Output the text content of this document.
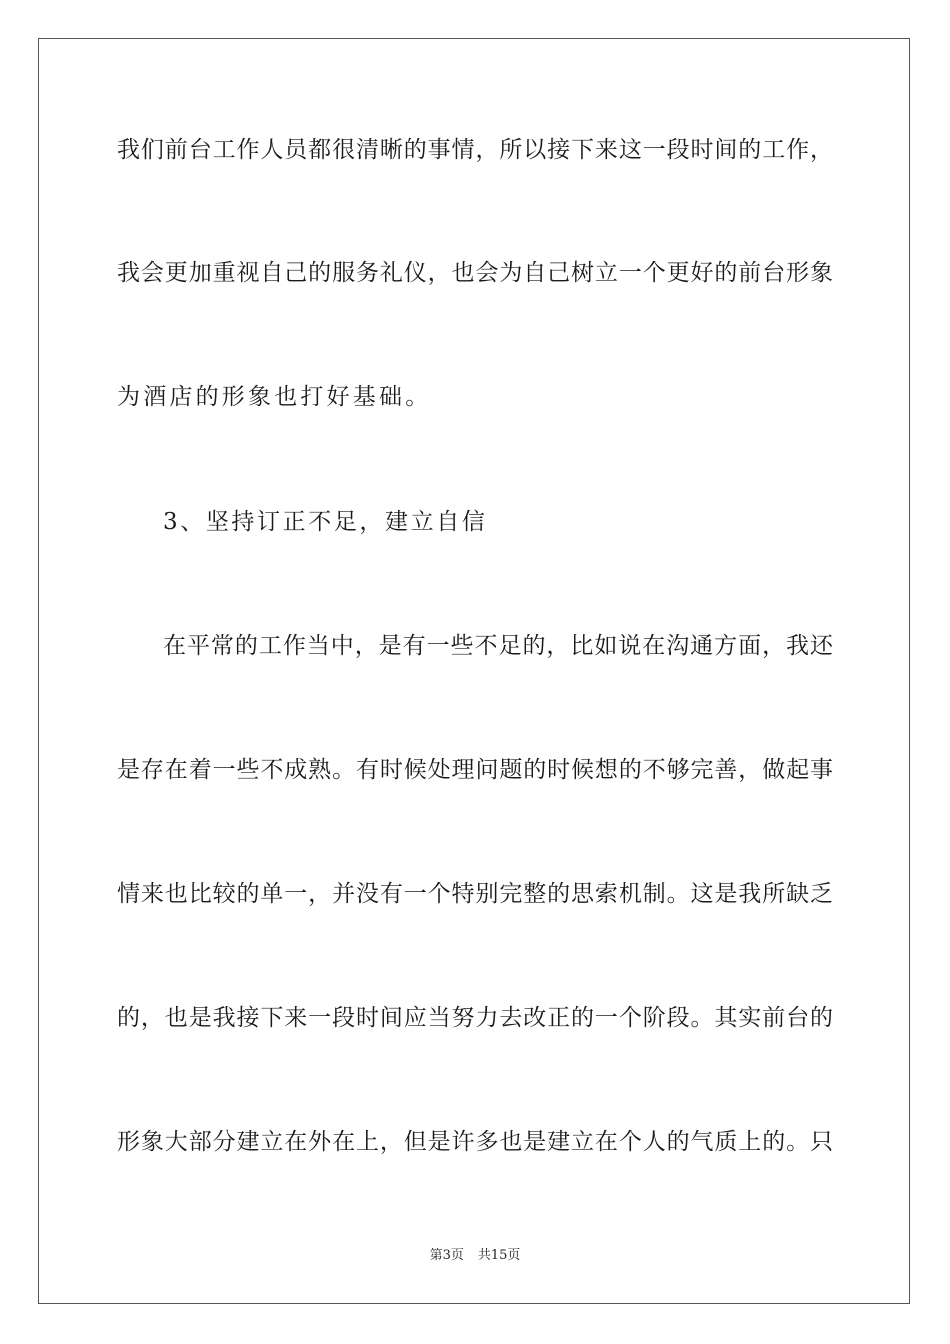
我们前台工作人员都很清晰的事情，所以接下来这一段时间的工作，
我会更加重视自己的服务礼仪，也会为自己树立一个更好的前台形象
为酒店的形象也打好基础。
3、坚持订正不足，建立自信
在平常的工作当中，是有一些不足的，比如说在沟通方面，我还
是存在着一些不成熟。有时候处理问题的时候想的不够完善，做起事
情来也比较的单一，并没有一个特别完整的思索机制。这是我所缺乏
的，也是我接下来一段时间应当努力去改正的一个阶段。其实前台的
形象大部分建立在外在上，但是许多也是建立在个人的气质上的。只
第3页 共15页
